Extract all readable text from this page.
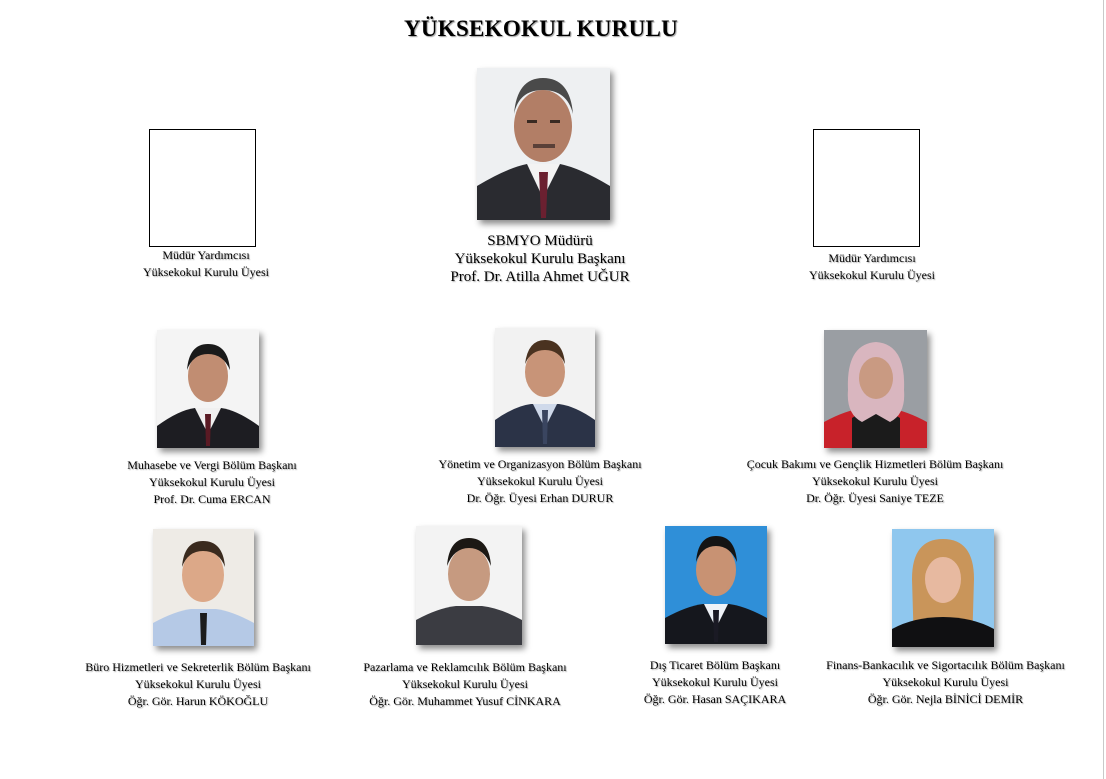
YÜKSEKOKUL KURULU
Müdür Yardımcısı
Yüksekokul Kurulu Üyesi
SBMYO Müdürü
Yüksekokul Kurulu Başkanı
Prof. Dr. Atilla Ahmet UĞUR
Müdür Yardımcısı
Yüksekokul Kurulu Üyesi
Muhasebe ve Vergi Bölüm Başkanı
Yüksekokul Kurulu Üyesi
Prof. Dr. Cuma ERCAN
Yönetim ve Organizasyon Bölüm Başkanı
Yüksekokul Kurulu Üyesi
Dr. Öğr. Üyesi Erhan DURUR
Çocuk Bakımı ve Gençlik Hizmetleri Bölüm Başkanı
Yüksekokul Kurulu Üyesi
Dr. Öğr. Üyesi Saniye TEZE
Büro Hizmetleri ve Sekreterlik Bölüm Başkanı
Yüksekokul Kurulu Üyesi
Öğr. Gör. Harun KÖKOĞLU
Pazarlama ve Reklamcılık Bölüm Başkanı
Yüksekokul Kurulu Üyesi
Öğr. Gör. Muhammet Yusuf CİNKARA
Dış Ticaret Bölüm Başkanı
Yüksekokul Kurulu Üyesi
Öğr. Gör. Hasan SAÇIKARA
Finans-Bankacılık ve Sigortacılık Bölüm Başkanı
Yüksekokul Kurulu Üyesi
Öğr. Gör. Nejla BİNİCİ DEMİR
